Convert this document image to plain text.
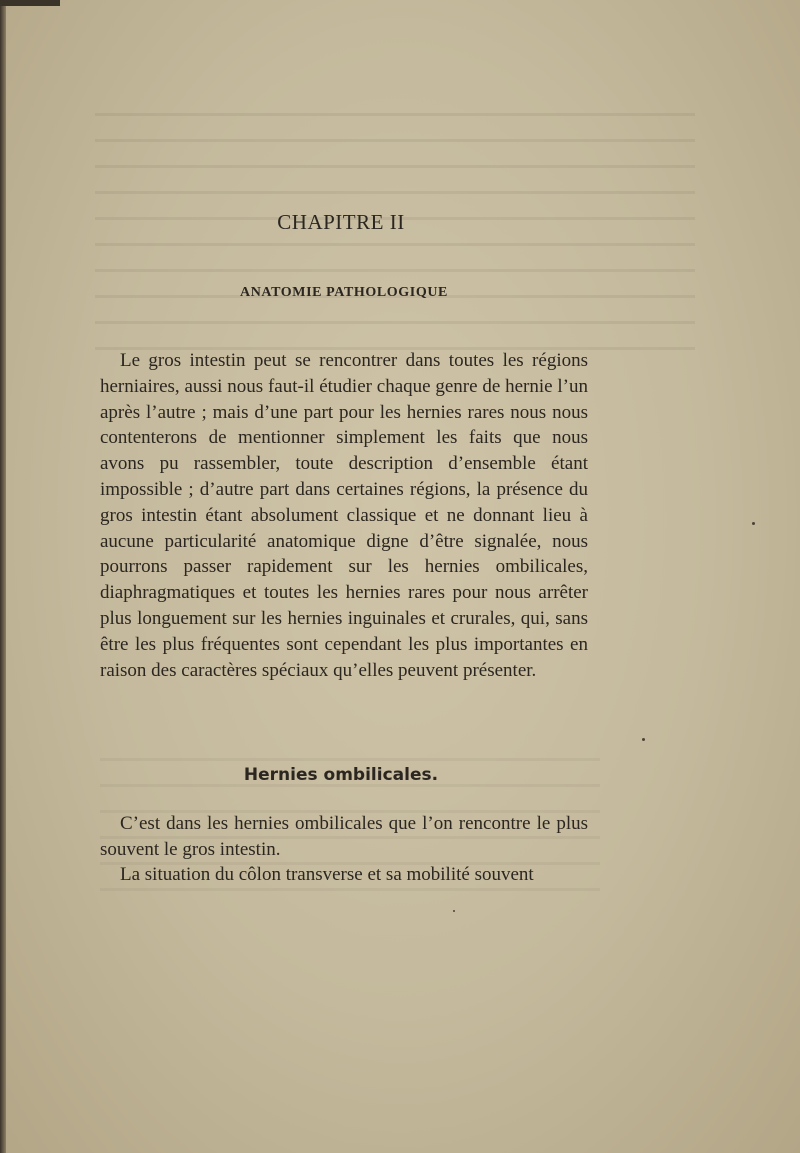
CHAPITRE II
ANATOMIE PATHOLOGIQUE

Le gros intestin peut se rencontrer dans toutes les régions herniaires, aussi nous faut-il étudier chaque genre de hernie l’un après l’autre ; mais d’une part pour les hernies rares nous nous contenterons de mentionner simplement les faits que nous avons pu rassembler, toute description d’ensemble étant impossible ; d’autre part dans certaines régions, la présence du gros intestin étant absolument classique et ne donnant lieu à aucune particularité anatomique digne d’être signalée, nous pourrons passer rapidement sur les hernies ombilicales, diaphragmatiques et toutes les hernies rares pour nous arrêter plus longuement sur les hernies inguinales et crurales, qui, sans être les plus fréquentes sont cependant les plus importantes en raison des caractères spéciaux qu’elles peuvent présenter.

Hernies ombilicales.

C’est dans les hernies ombilicales que l’on rencontre le plus souvent le gros intestin.

La situation du côlon transverse et sa mobilité souvent
